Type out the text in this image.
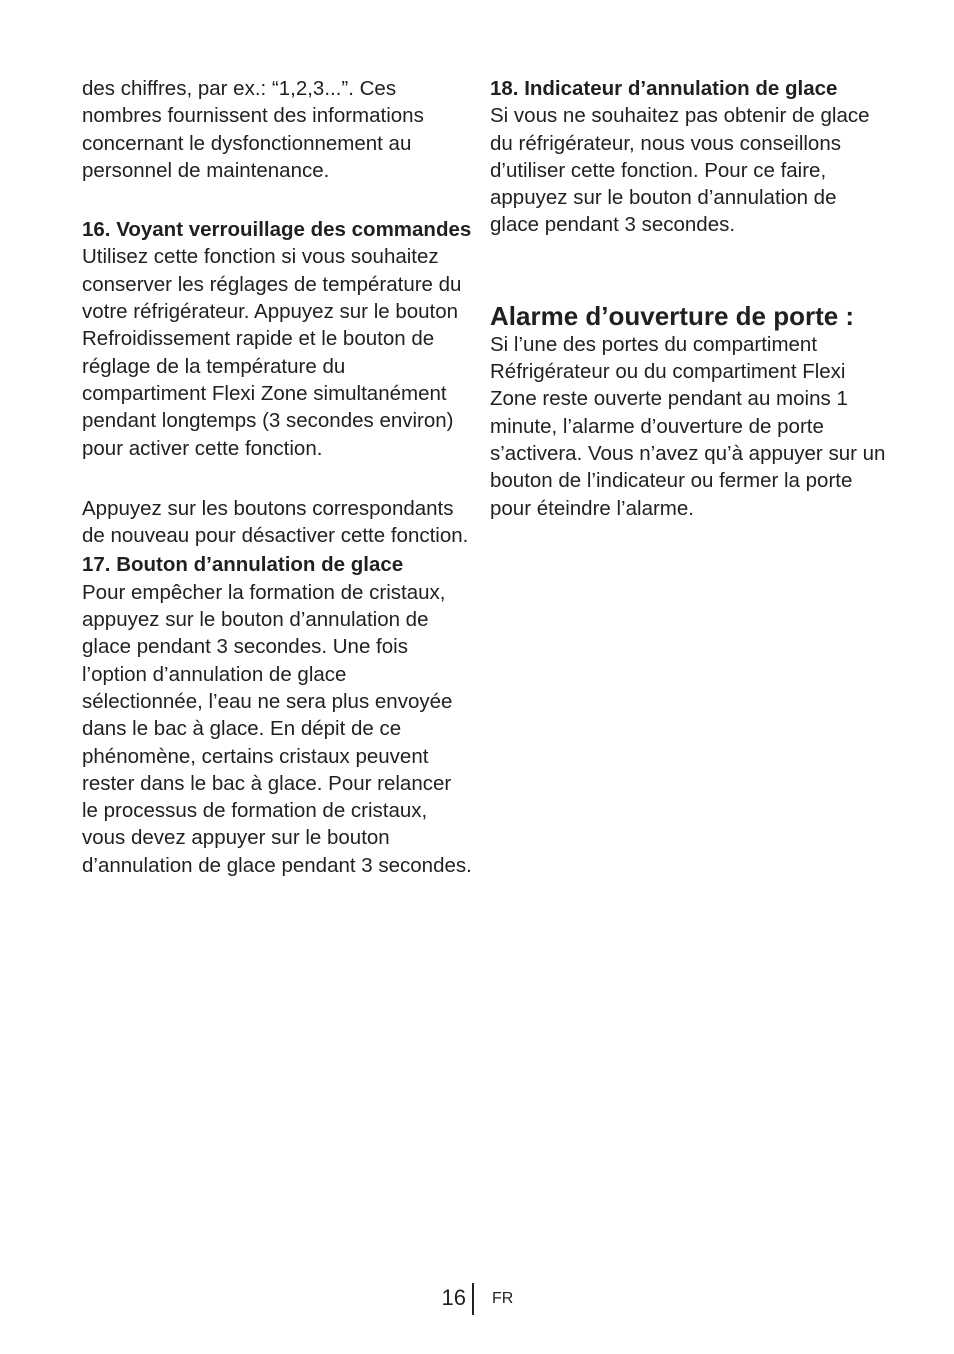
des chiffres, par ex.: “1,2,3...”. Ces nombres fournissent des informations concernant le dysfonctionnement au personnel de maintenance.

16. Voyant verrouillage des commandes

Utilisez cette fonction si vous souhaitez conserver les réglages de température du votre réfrigérateur. Appuyez sur le bouton Refroidissement rapide et le bouton de réglage de la température du compartiment Flexi Zone simultanément pendant longtemps (3 secondes environ) pour activer cette fonction.

Appuyez sur les boutons correspondants de nouveau pour désactiver cette fonction.

17. Bouton d’annulation de glace

Pour empêcher la formation de cristaux, appuyez sur le bouton d’annulation de glace pendant 3 secondes. Une fois l’option d’annulation de glace sélectionnée, l’eau ne sera plus envoyée dans le bac à glace. En dépit de ce phénomène, certains cristaux peuvent rester dans le bac à glace. Pour relancer le processus de formation de cristaux, vous devez appuyer sur le bouton d’annulation de glace pendant 3 secondes.

18. Indicateur d’annulation de glace

Si vous ne souhaitez pas obtenir de glace du réfrigérateur, nous vous conseillons d’utiliser cette fonction. Pour ce faire, appuyez sur le bouton d’annulation de glace pendant 3 secondes.

Alarme d’ouverture de porte :

Si l’une des portes du compartiment Réfrigérateur ou du compartiment Flexi Zone reste ouverte pendant au moins 1 minute, l’alarme d’ouverture de porte s’activera. Vous n’avez qu’à appuyer sur un bouton de l’indicateur ou fermer la porte pour éteindre l’alarme.

16 FR
